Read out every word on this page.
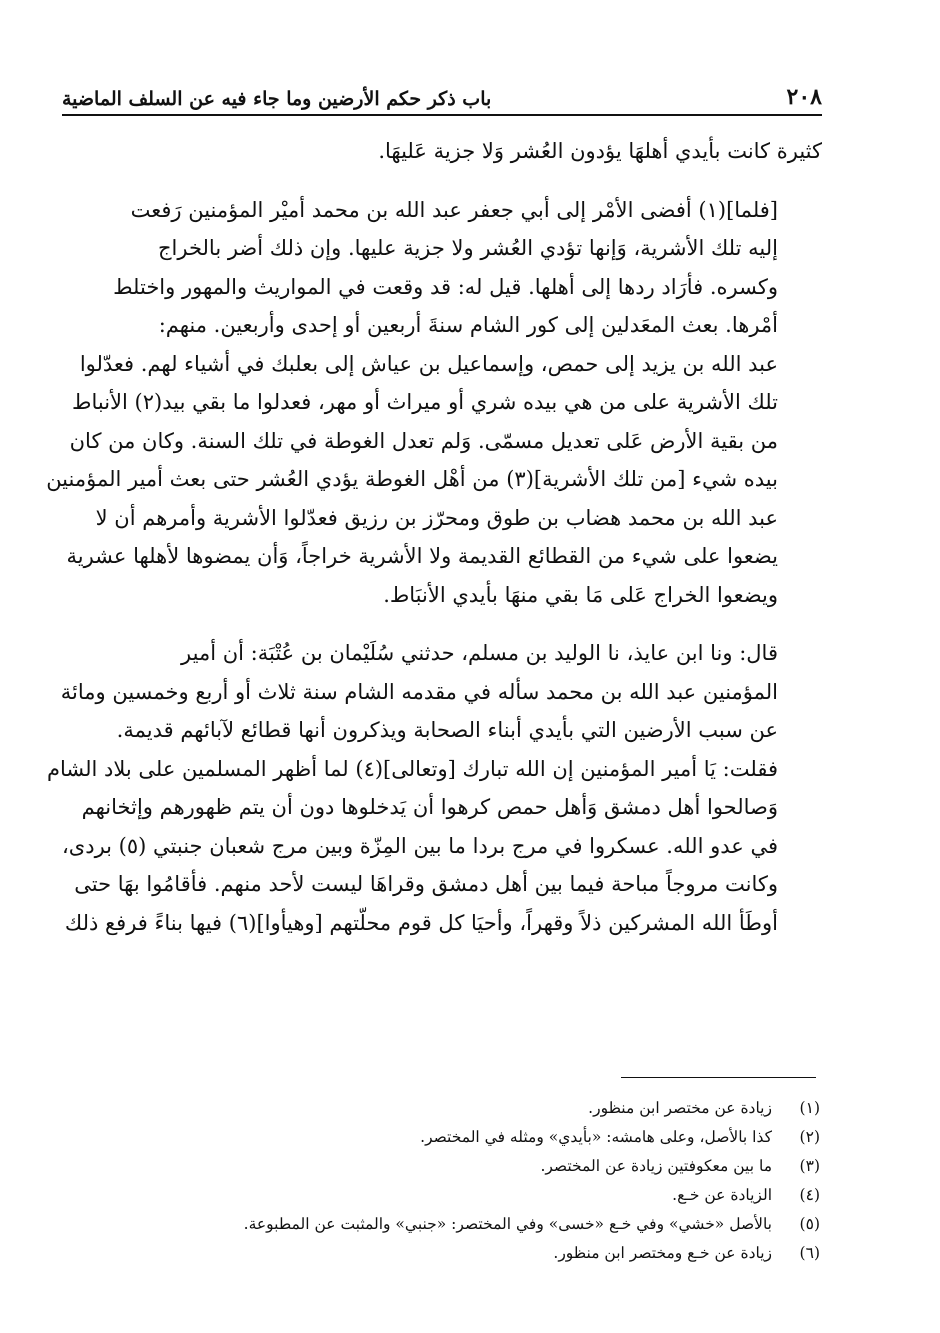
٢٠٨
باب ذكر حكم الأرضين وما جاء فيه عن السلف الماضية

كثيرة كانت بأيدي أهلهَا يؤدون العُشر وَلا جزية عَليهَا.

[فلما](١) أفضى الأمْر إلى أبي جعفر عبد الله بن محمد أميْر المؤمنين رَفعت
إليه تلك الأشرية، وَإنها تؤدي العُشر ولا جزية عليها. وإن ذلك أضر بالخراج
وكسره. فأرَاد ردها إلى أهلها. قيل له: قد وقعت في المواريث والمهور واختلط
أمْرها. بعث المعَدلين إلى كور الشام سنةَ أربعين أو إحدى وأربعين. منهم:
عبد الله بن يزيد إلى حمص، وإسماعيل بن عياش إلى بعلبك في أشياء لهم. فعدّلوا
تلك الأشرية على من هي بيده شري أو ميراث أو مهر، فعدلوا ما بقي بيد(٢) الأنباط
من بقية الأرض عَلى تعديل مسمّى. وَلم تعدل الغوطة في تلك السنة. وكان من كان
بيده شيء [من تلك الأشرية](٣) من أهْل الغوطة يؤدي العُشر حتى بعث أمير المؤمنين
عبد الله بن محمد هضاب بن طوق ومحرّز بن رزيق فعدّلوا الأشرية وأمرهم أن لا
يضعوا على شيء من القطائع القديمة ولا الأشرية خراجاً، وَأن يمضوها لأهلها عشرية
ويضعوا الخراج عَلى مَا بقي منهَا بأيدي الأنبَاط.

قال: ونا ابن عايذ، نا الوليد بن مسلم، حدثني سُلَيْمان بن عُتْبَة: أن أمير
المؤمنين عبد الله بن محمد سأله في مقدمه الشام سنة ثلاث أو أربع وخمسين ومائة
عن سبب الأرضين التي بأيدي أبناء الصحابة ويذكرون أنها قطائع لآبائهم قديمة.
فقلت: يَا أمير المؤمنين إن الله تبارك [وتعالى](٤) لما أظهر المسلمين على بلاد الشام
وَصالحوا أهل دمشق وَأهل حمص كرهوا أن يَدخلوها دون أن يتم ظهورهم وإثخانهم
في عدو الله. عسكروا في مرج بردا ما بين المِزّة وبين مرج شعبان جنبتي (٥) بردى،
وكانت مروجاً مباحة فيما بين أهل دمشق وقراهَا ليست لأحد منهم. فأقامُوا بهَا حتى
أوطَأ الله المشركين ذلاً وقهراً، وأحيَا كل قوم محلّتهم [وهيأوا](٦) فيها بناءً فرفع ذلك

(١)
زيادة عن مختصر ابن منظور.
(٢)
كذا بالأصل، وعلى هامشه: «بأيدي» ومثله في المختصر.
(٣)
ما بين معكوفتين زيادة عن المختصر.
(٤)
الزيادة عن خـع.
(٥)
بالأصل «خشي» وفي خـع «خسى» وفي المختصر: «جنبي» والمثبت عن المطبوعة.
(٦)
زيادة عن خـع ومختصر ابن منظور.
